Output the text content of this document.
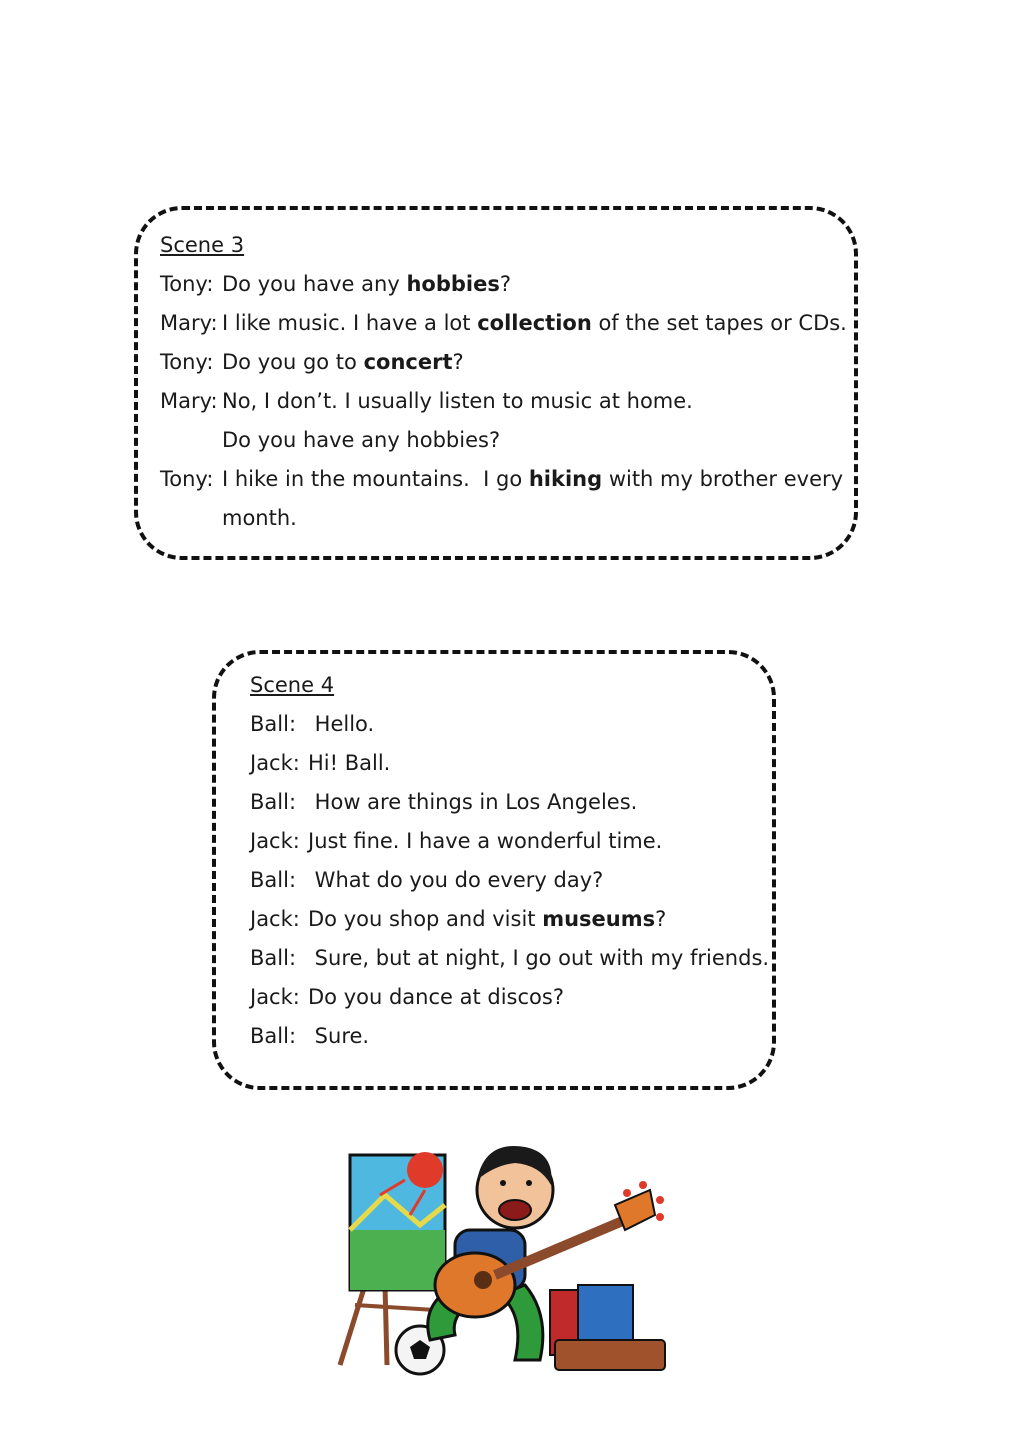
Scene 3

Tony: Do you have any hobbies?
Mary: I like music. I have a lot collection of the set tapes or CDs.
Tony: Do you go to concert?
Mary: No, I don’t. I usually listen to music at home.
Do you have any hobbies?
Tony: I hike in the mountains.  I go hiking with my brother every
month.

Scene 4

Ball: Hello.
Jack: Hi! Ball.
Ball: How are things in Los Angeles.
Jack: Just fine. I have a wonderful time.
Ball: What do you do every day?
Jack: Do you shop and visit museums?
Ball: Sure, but at night, I go out with my friends.
Jack: Do you dance at discos?
Ball: Sure.
